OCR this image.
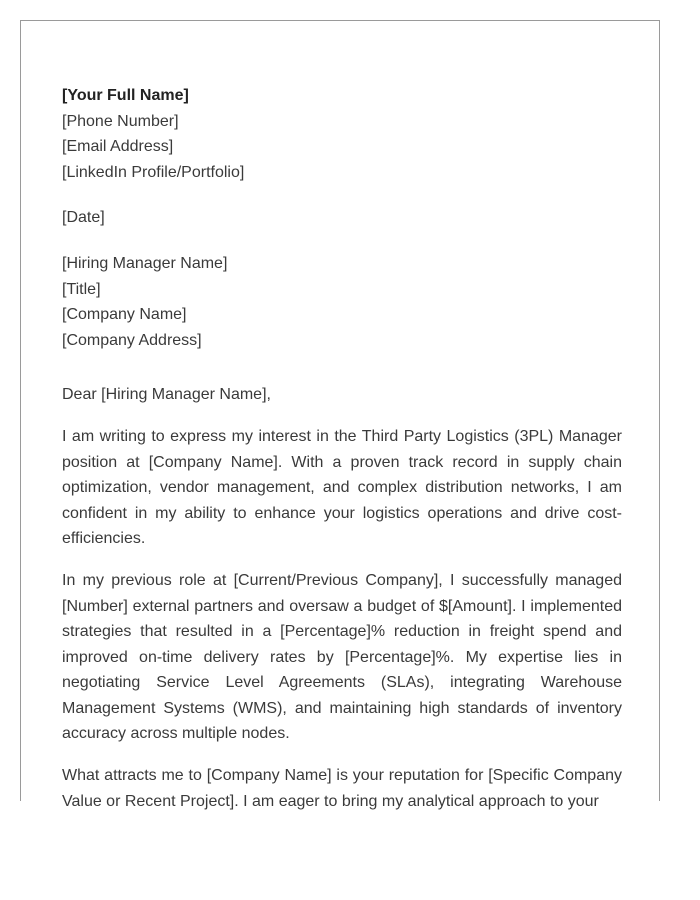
[Your Full Name]
[Phone Number]
[Email Address]
[LinkedIn Profile/Portfolio]
[Date]
[Hiring Manager Name]
[Title]
[Company Name]
[Company Address]
Dear [Hiring Manager Name],

I am writing to express my interest in the Third Party Logistics (3PL) Manager position at [Company Name]. With a proven track record in supply chain optimization, vendor management, and complex distribution networks, I am confident in my ability to enhance your logistics operations and drive cost-efficiencies.

In my previous role at [Current/Previous Company], I successfully managed [Number] external partners and oversaw a budget of $[Amount]. I implemented strategies that resulted in a [Percentage]% reduction in freight spend and improved on-time delivery rates by [Percentage]%. My expertise lies in negotiating Service Level Agreements (SLAs), integrating Warehouse Management Systems (WMS), and maintaining high standards of inventory accuracy across multiple nodes.

What attracts me to [Company Name] is your reputation for [Specific Company Value or Recent Project]. I am eager to bring my analytical approach to your
